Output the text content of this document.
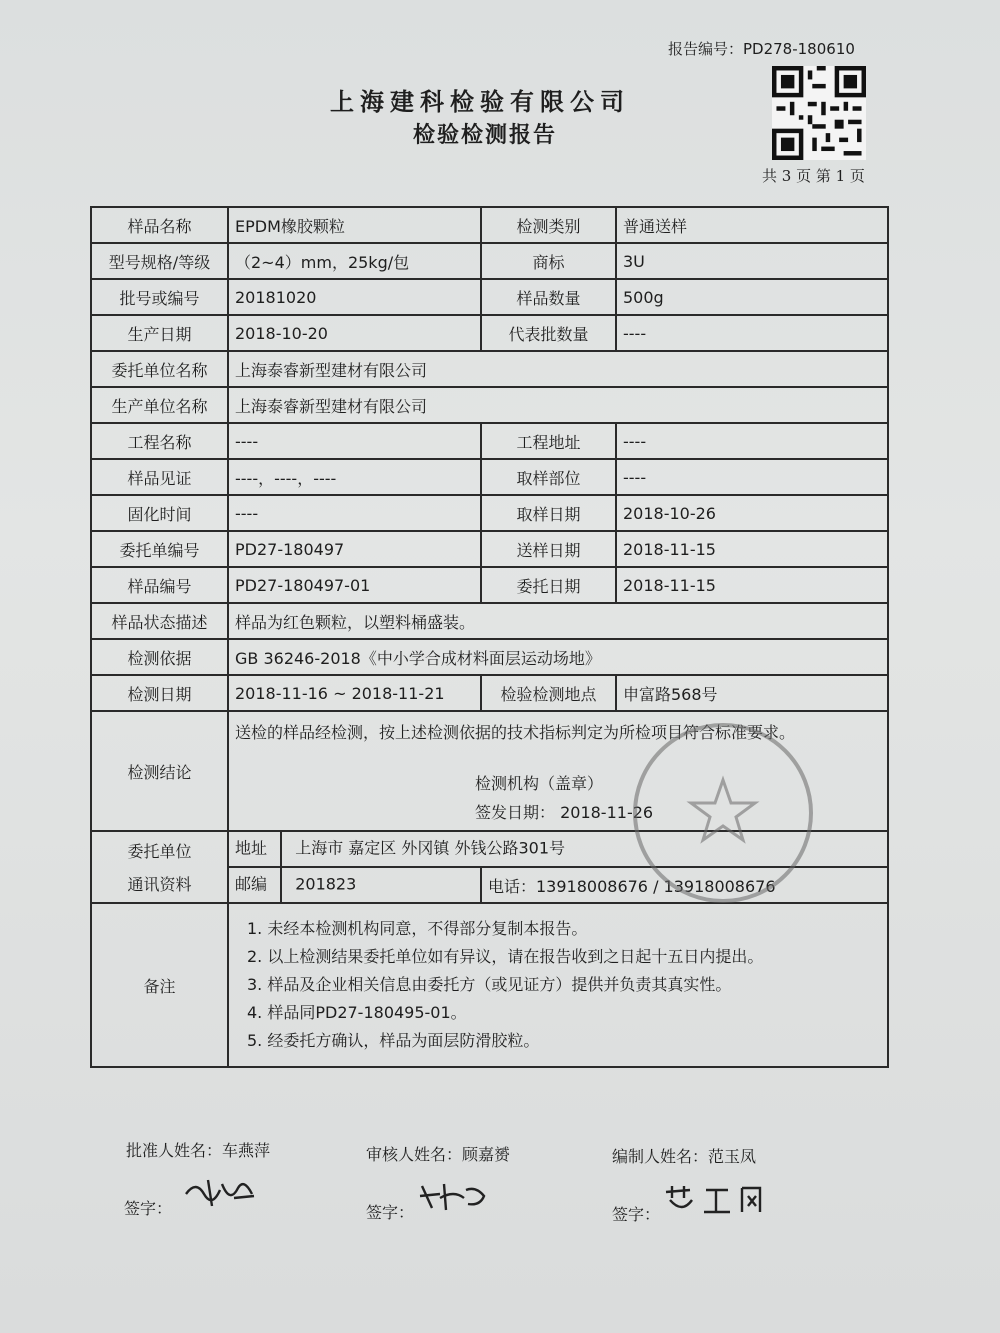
报告编号：PD278-180610
上海建科检验有限公司
检验检测报告
共 3 页 第 1 页
样品名称	EPDM橡胶颗粒	检测类别	普通送样
型号规格/等级	（2~4）mm，25kg/包	商标	3U
批号或编号	20181020	样品数量	500g
生产日期	2018-10-20	代表批数量	----
委托单位名称	上海泰睿新型建材有限公司		
生产单位名称	上海泰睿新型建材有限公司		
工程名称	----	工程地址	----
样品见证	----，----，----	取样部位	----
固化时间	----	取样日期	2018-10-26
委托单编号	PD27-180497	送样日期	2018-11-15
样品编号	PD27-180497-01	委托日期	2018-11-15
样品状态描述	样品为红色颗粒，以塑料桶盛装。		
检测依据	GB 36246-2018《中小学合成材料面层运动场地》		
检测日期	2018-11-16 ~ 2018-11-21	检验检测地点	申富路568号
检测结论	送检的样品经检测，按上述检测依据的技术指标判定为所检项目符合标准要求。
检测机构（盖章）
签发日期： 2018-11-26		

委托单位
通讯资料	地址 上海市 嘉定区 外冈镇 外钱公路301号		
	邮编 201823	电话：13918008676 / 13918008676	
备注	1. 未经本检测机构同意，不得部分复制本报告。
2. 以上检测结果委托单位如有异议，请在报告收到之日起十五日内提出。
3. 样品及企业相关信息由委托方（或见证方）提供并负责其真实性。
4. 样品同PD27-180495-01。
5. 经委托方确认，样品为面层防滑胶粒。		
批准人姓名：车燕萍	审核人姓名：顾嘉赟	编制人姓名：范玉凤
签字：	签字：	签字：
